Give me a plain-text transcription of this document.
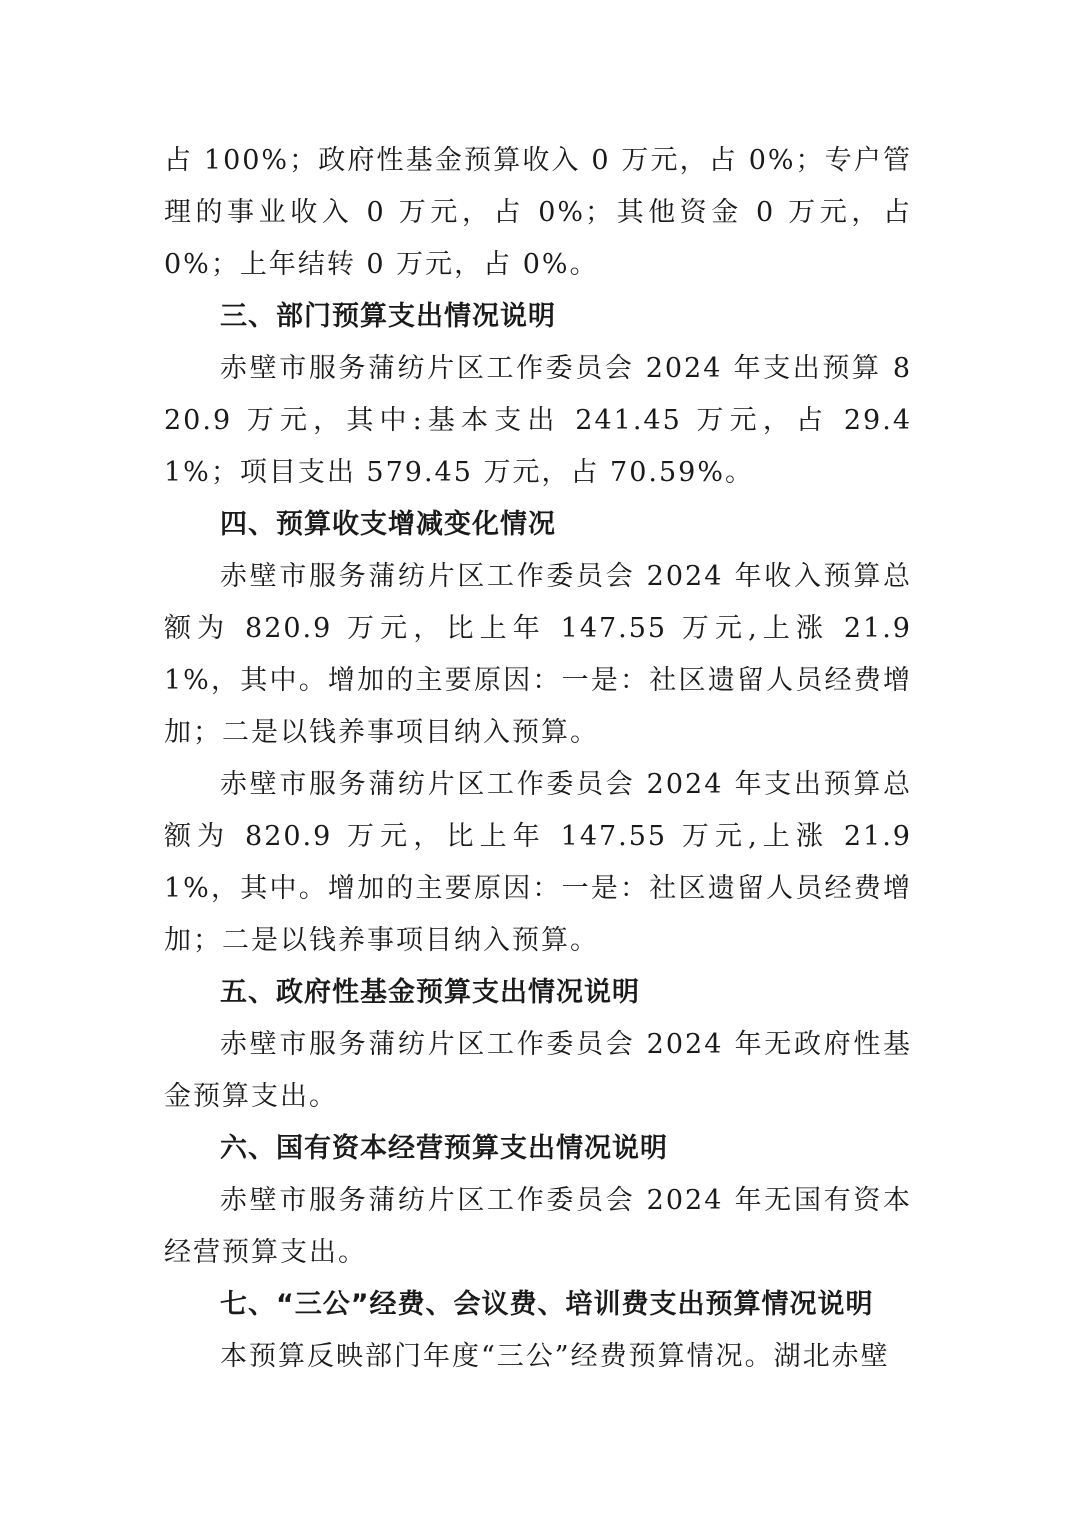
占 100%；政府性基金预算收入 0 万元，占 0%；专户管理的事业收入 0 万元，占 0%；其他资金 0 万元，占 0%；上年结转 0 万元，占 0%。

三、部门预算支出情况说明

赤壁市服务蒲纺片区工作委员会 2024 年支出预算 820.9 万元，其中:基本支出 241.45 万元，占 29.41%；项目支出 579.45 万元，占 70.59%。

四、预算收支增减变化情况

赤壁市服务蒲纺片区工作委员会 2024 年收入预算总额为 820.9 万元，比上年 147.55 万元,上涨 21.91%，其中。增加的主要原因：一是：社区遗留人员经费增加；二是以钱养事项目纳入预算。

赤壁市服务蒲纺片区工作委员会 2024 年支出预算总额为 820.9 万元，比上年 147.55 万元,上涨 21.91%，其中。增加的主要原因：一是：社区遗留人员经费增加；二是以钱养事项目纳入预算。

五、政府性基金预算支出情况说明

赤壁市服务蒲纺片区工作委员会 2024 年无政府性基金预算支出。

六、国有资本经营预算支出情况说明

赤壁市服务蒲纺片区工作委员会 2024 年无国有资本经营预算支出。

七、“三公”经费、会议费、培训费支出预算情况说明

本预算反映部门年度“三公”经费预算情况。湖北赤壁
